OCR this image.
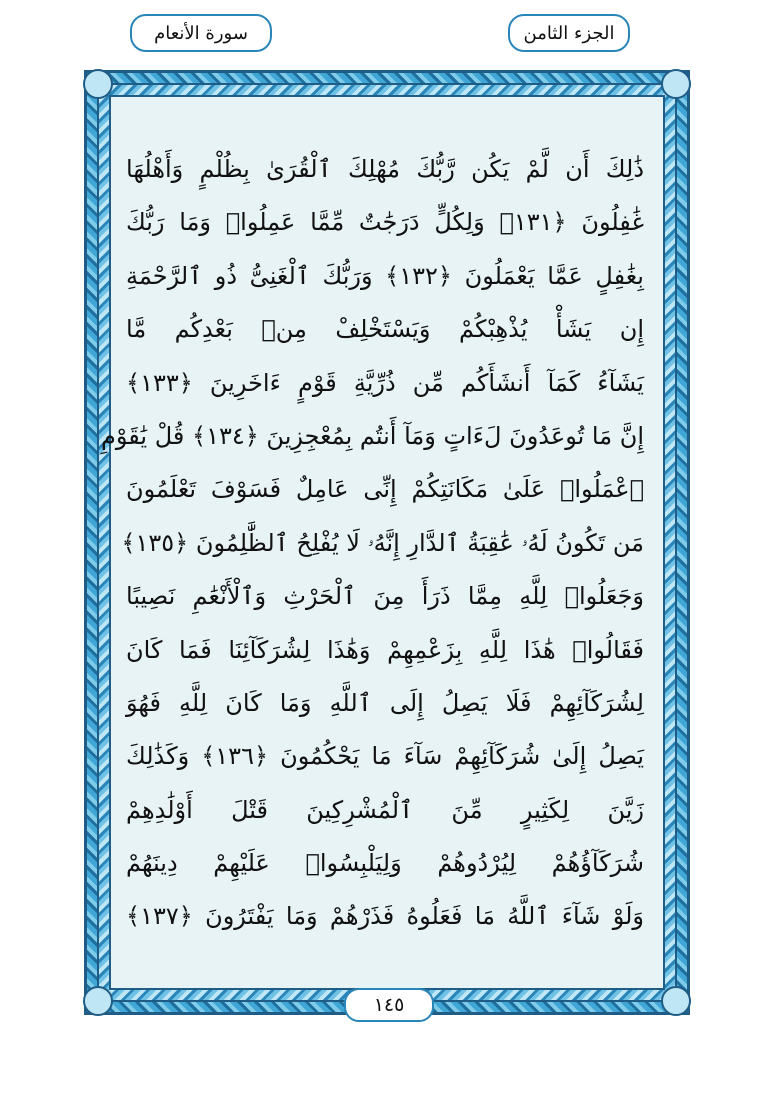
سورة الأنعام	الجزء الثامن
ذَٰلِكَ أَن لَّمْ يَكُن رَّبُّكَ مُهْلِكَ ٱلْقُرَىٰ بِظُلْمٍ وَأَهْلُهَا
غَٰفِلُونَ ﴿١٣١﴾ وَلِكُلٍّ دَرَجَٰتٌ مِّمَّا عَمِلُوا۟ وَمَا رَبُّكَ
بِغَٰفِلٍ عَمَّا يَعْمَلُونَ ﴿١٣٢﴾ وَرَبُّكَ ٱلْغَنِىُّ ذُو ٱلرَّحْمَةِ
إِن يَشَأْ يُذْهِبْكُمْ وَيَسْتَخْلِفْ مِنۢ بَعْدِكُم مَّا
يَشَآءُ كَمَآ أَنشَأَكُم مِّن ذُرِّيَّةِ قَوْمٍ ءَاخَرِينَ ﴿١٣٣﴾
إِنَّ مَا تُوعَدُونَ لَءَاتٍ وَمَآ أَنتُم بِمُعْجِزِينَ ﴿١٣٤﴾ قُلْ يَٰقَوْمِ
ٱعْمَلُوا۟ عَلَىٰ مَكَانَتِكُمْ إِنِّى عَامِلٌ فَسَوْفَ تَعْلَمُونَ
مَن تَكُونُ لَهُۥ عَٰقِبَةُ ٱلدَّارِ إِنَّهُۥ لَا يُفْلِحُ ٱلظَّٰلِمُونَ ﴿١٣٥﴾
وَجَعَلُوا۟ لِلَّهِ مِمَّا ذَرَأَ مِنَ ٱلْحَرْثِ وَٱلْأَنْعَٰمِ نَصِيبًا
فَقَالُوا۟ هَٰذَا لِلَّهِ بِزَعْمِهِمْ وَهَٰذَا لِشُرَكَآئِنَا فَمَا كَانَ
لِشُرَكَآئِهِمْ فَلَا يَصِلُ إِلَى ٱللَّهِ وَمَا كَانَ لِلَّهِ فَهُوَ
يَصِلُ إِلَىٰ شُرَكَآئِهِمْ سَآءَ مَا يَحْكُمُونَ ﴿١٣٦﴾ وَكَذَٰلِكَ
زَيَّنَ لِكَثِيرٍ مِّنَ ٱلْمُشْرِكِينَ قَتْلَ أَوْلَٰدِهِمْ
شُرَكَآؤُهُمْ لِيُرْدُوهُمْ وَلِيَلْبِسُوا۟ عَلَيْهِمْ دِينَهُمْ
وَلَوْ شَآءَ ٱللَّهُ مَا فَعَلُوهُ فَذَرْهُمْ وَمَا يَفْتَرُونَ ﴿١٣٧﴾
١٤٥
